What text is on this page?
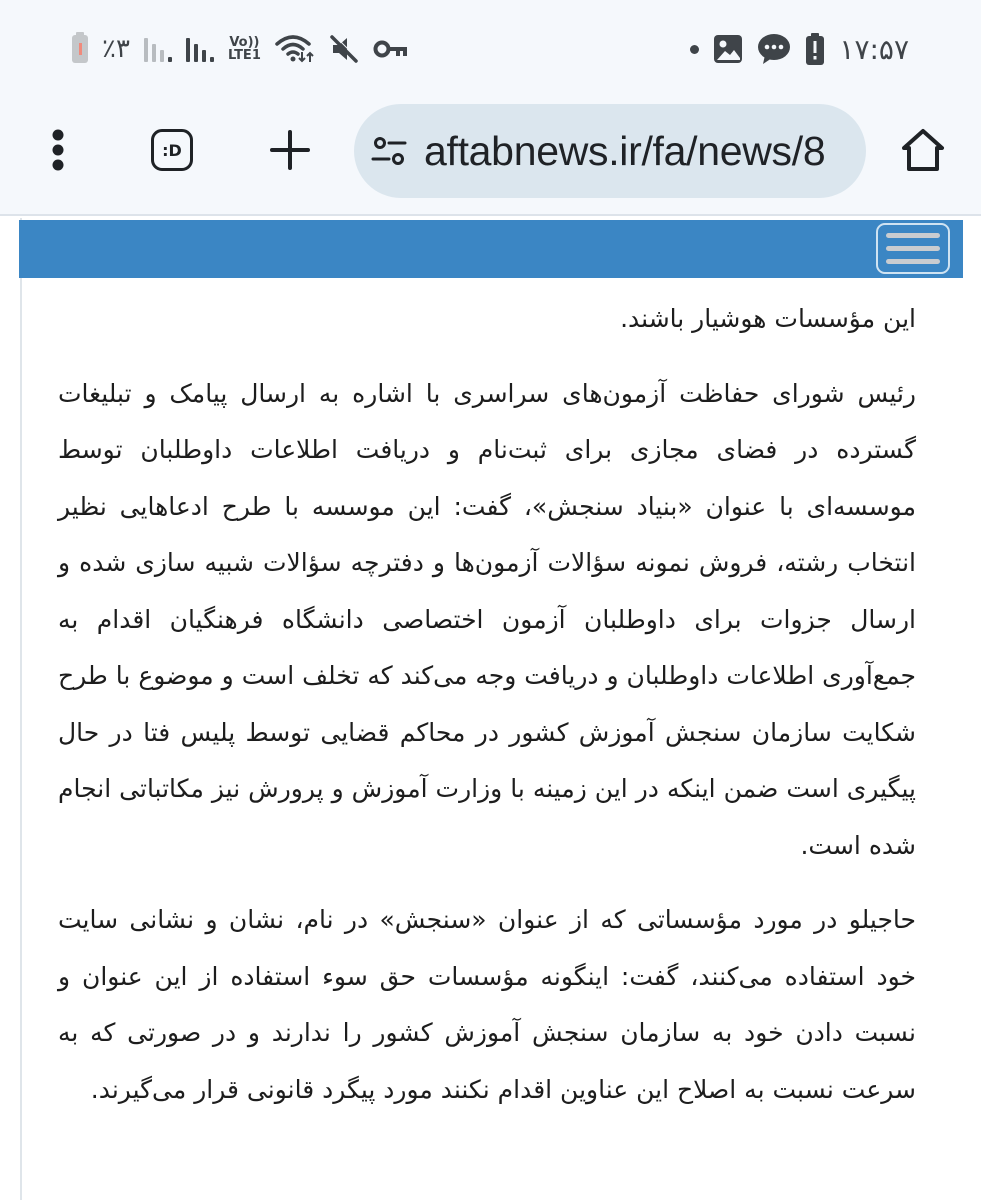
٪۳	Vo))
LTE1	۱۷:۵۷
:D	aftabnews.ir/fa/news/8

این مؤسسات هوشیار باشند.

رئیس شورای حفاظت آزمون‌های سراسری با اشاره به ارسال پیامک و تبلیغات گسترده در فضای مجازی برای ثبت‌نام و دریافت اطلاعات داوطلبان توسط موسسه‌ای با عنوان «بنیاد سنجش»، گفت: این موسسه با طرح ادعاهایی نظیر انتخاب رشته، فروش نمونه سؤالات آزمون‌ها و دفترچه سؤالات شبیه سازی شده و ارسال جزوات برای داوطلبان آزمون اختصاصی دانشگاه فرهنگیان اقدام به جمع‌آوری اطلاعات داوطلبان و دریافت وجه می‌کند که تخلف است و موضوع با طرح شکایت سازمان سنجش آموزش کشور در محاکم قضایی توسط پلیس فتا در حال پیگیری است ضمن اینکه در این زمینه با وزارت آموزش و پرورش نیز مکاتباتی انجام شده است.

حاجیلو در مورد مؤسساتی که از عنوان «سنجش» در نام، نشان و نشانی سایت خود استفاده می‌کنند، گفت: اینگونه مؤسسات حق سوء استفاده از این عنوان و نسبت دادن خود به سازمان سنجش آموزش کشور را ندارند و در صورتی که به سرعت نسبت به اصلاح این عناوین اقدام نکنند مورد پیگرد قانونی قرار می‌گیرند.
